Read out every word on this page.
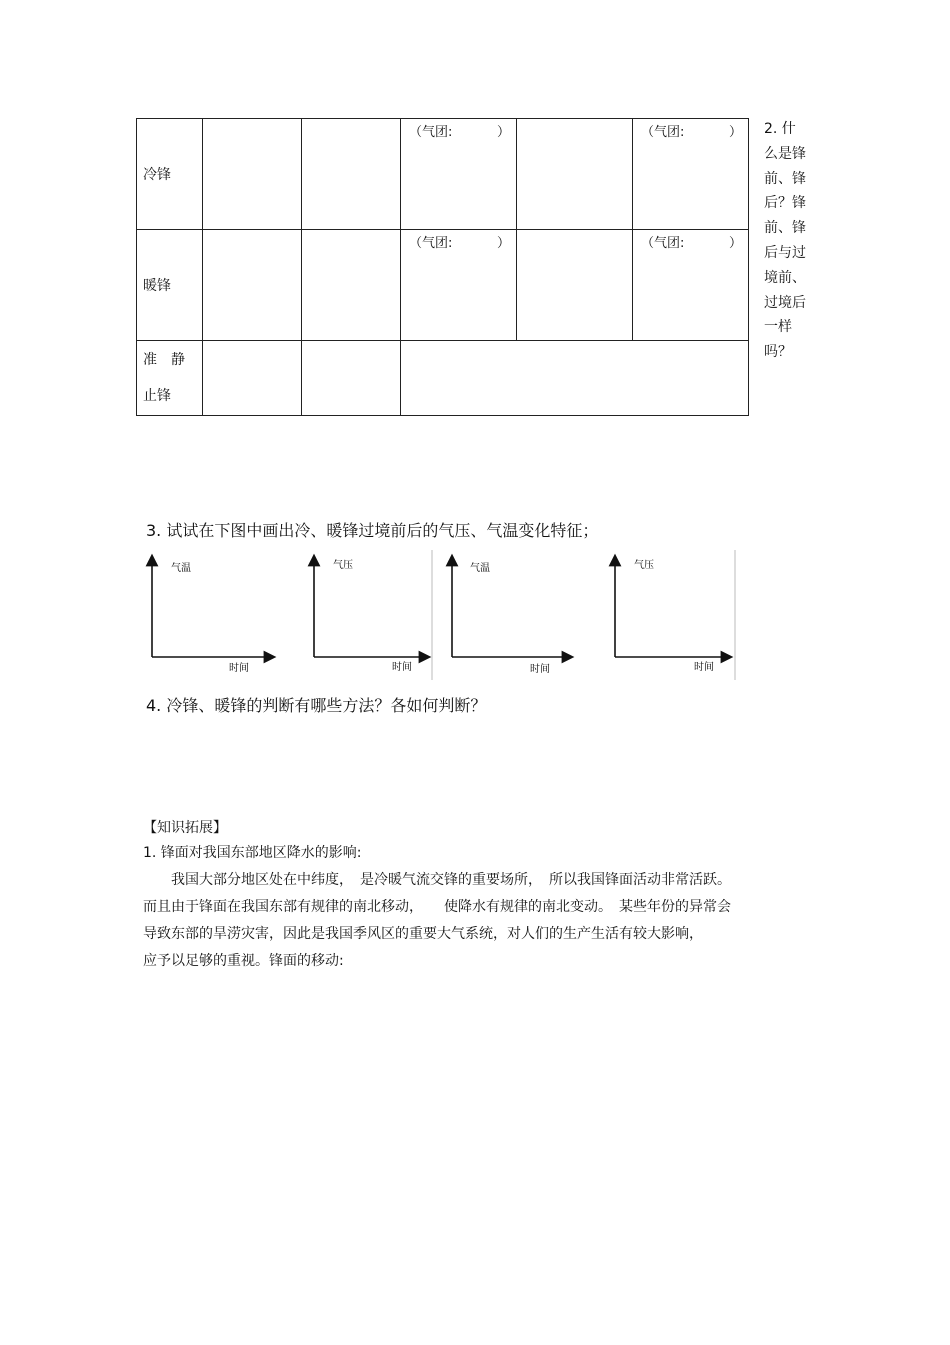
冷锋			（气团: ）		（气团: ）

暖锋			（气团: ）		（气团: ）

准　静
止锋					

2. 什么是锋前、锋后？锋前、锋后与过境前、过境后一样吗？
3. 试试在下图中画出冷、暖锋过境前后的气压、气温变化特征；
气温
时间
气压
时间
气温
时间
气压
时间
4. 冷锋、暖锋的判断有哪些方法？各如何判断？

【知识拓展】

1. 锋面对我国东部地区降水的影响:

　　我国大部分地区处在中纬度，　是冷暖气流交锋的重要场所，　所以我国锋面活动非常活跃。

而且由于锋面在我国东部有规律的南北移动，　　使降水有规律的南北变动。　某些年份的异常会

导致东部的旱涝灾害，因此是我国季风区的重要大气系统，对人们的生产生活有较大影响，

应予以足够的重视。锋面的移动:
